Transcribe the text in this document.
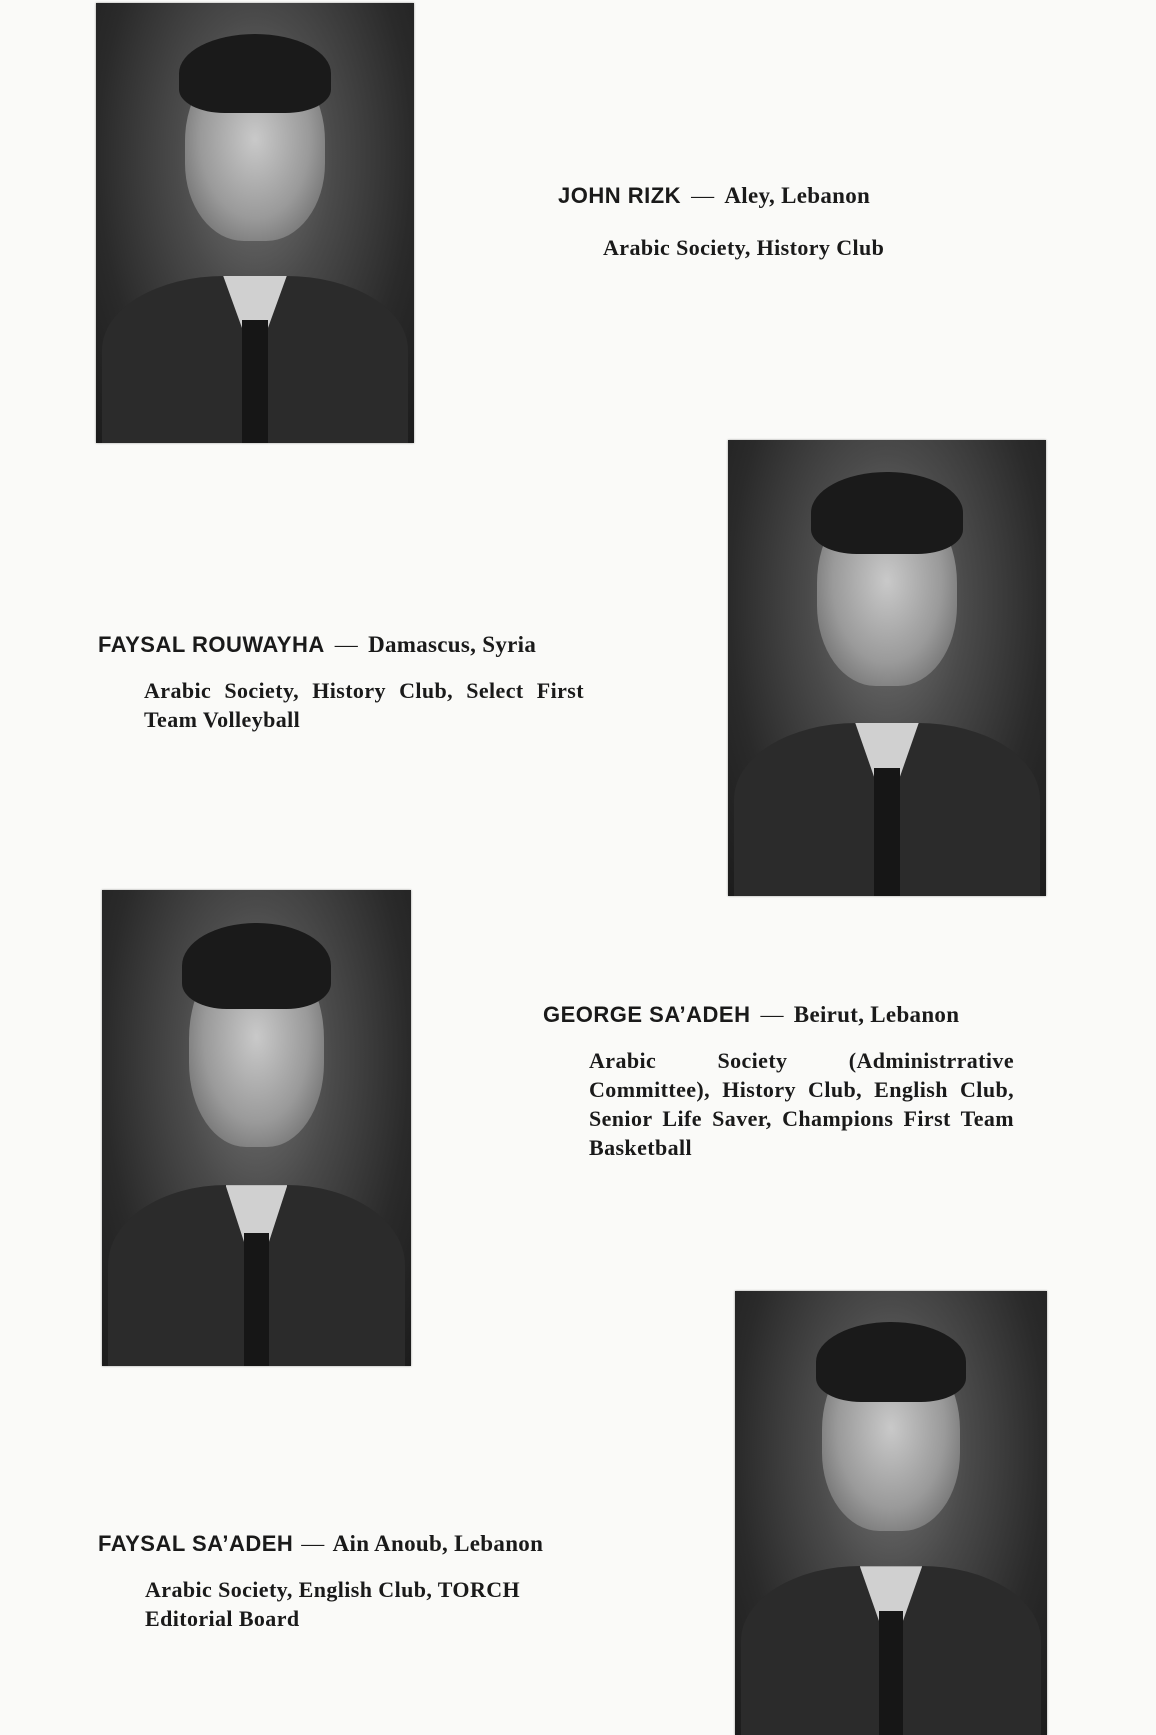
JOHN RIZK — Aley, Lebanon
Arabic Society, History Club
FAYSAL ROUWAYHA — Damascus, Syria
Arabic Society, History Club, Select First Team Volleyball
GEORGE SA’ADEH — Beirut, Lebanon
Arabic Society (Administrrative Committee), History Club, English Club, Senior Life Saver, Champions First Team Basketball
FAYSAL SA’ADEH — Ain Anoub, Lebanon
Arabic Society, English Club, TORCH Editorial Board
